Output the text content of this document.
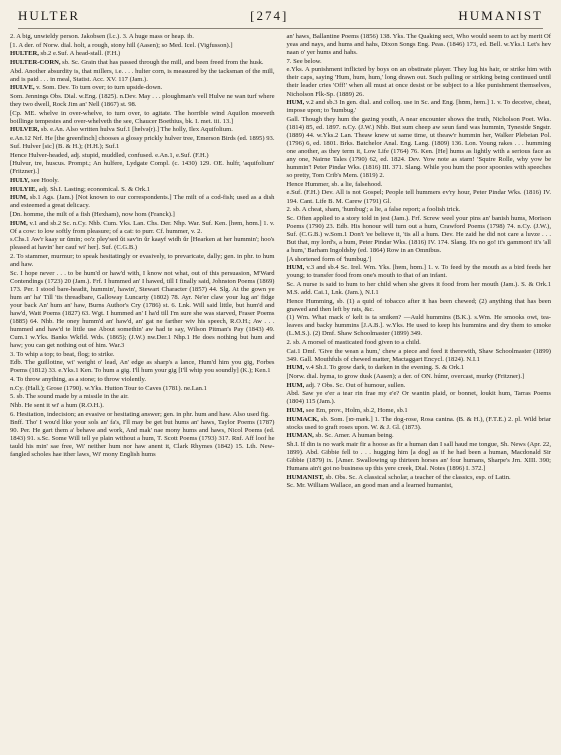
HULTER	[274]	HUMANIST

2. A big, unwieldy person. Jakobsen (l.c.). 3. A huge mass or heap. ib.

[1. A der. of Norw. dial. holt, a rough, stony hill (Aasen); so Med. Icel. (Vigfusson).]

HULTER, sb.2 e.Suf. A head-stall. (F.H.)

HULTER-CORN, sb. Sc. Grain that has passed through the mill, and been freed from the husk.

Abd. Another absurdity is, that millers, i.e. . . . hulter corn, is measured by the tacksman of the mill, and is paid . . . in meal, Statist. Acc. XV. 117 (Jam.).

HULVE, v. Som. Dev. To turn over; to turn upside-down.

Som. Jennings Obs. Dial. w.Eng. (1825). n.Dev. May . . . ploughman's vell Hulve ne wan turf where they two dwell, Rock Jim an' Nell (1867) st. 98.

[Cp. ME. whelve in over-whelve, to turn over, to agitate. The horrible wind Aquilon moeveth boillinge tempestes and over-whelveth the see, Chaucer Boethius, bk. I. met. iii. 13.]

HULVER, sb. e.An. Also written hulva Suf.1 [hɐlvə(r).] The holly, Ilex Aquifolium.

e.An.12 Nrf. He [the greenfinch] chooses a glossy prickly hulver tree, Emerson Birds (ed. 1895) 93. Suf. Hulver [sic] (B. & H.); (H.H.); Suf.1

Hence Hulver-headed, adj. stupid, muddled, confused. e.An.1, e.Suf. (F.H.)

[Hulvur, tre, huscus. Prompt.; An hulfere, Lydgate Compl. (c. 1430) 129. OE. hulfr, 'aquifolium' (Fritzner).]

HULY, see Hooly.

HULYIE, adj. Sh.I. Lasting; economical. S. & Ork.1

HUM, sb.1 Ags. (Jam.) [Not known to our correspondents.] The milt of a cod-fish; used as a dish and esteemed a great delicacy.

[Dn. homme, the milt of a fish (Hexham), now hom (Franck).]

HUM, v.1 and sb.2 Sc. n.Cy. Nhb. Cum. Yks. Lan. Chs. Der. Nhp. War. Suf. Ken. [hɐm, hʊm.] 1. v. Of a cow: to low softly from pleasure; of a cat: to purr. Cf. hummer, v. 2.

s.Chs.1 Aw'r kaay ur ŭmin; oo'z pley'sed ŭt sav'in ŭr kaayf widh ŭr [Hearken at her hummin'; hoo's pleased at havin' her cauf wi' her]. Suf. (C.G.B.)

2. To stammer, murmur; to speak hesitatingly or evasively, to prevaricate, dally; gen. in phr. to hum and haw.

Sc. I hope never . . . to be hum'd or haw'd with, I know not what, out of this persuasion, M'Ward Contendings (1723) 20 (Jam.). Frf. I hummed an' I hawed, till I finally said, Johnston Poems (1869) 173. Per. I stood bare-headit, hummin', hawin', Stewart Character (1857) 44. Slg. At the gown ye hum an' ha' Till 'tis threadbare, Galloway Luncarty (1802) 78. Ayr. Ne'er claw your lug an' fidge your back An' hum an' haw, Burns Author's Cry (1786) st. 6. Lnk. Will said little, but hum'd and haw'd, Watt Poems (1827) 63. Wgt. I hummed an' I ha'd till I'm sure she was starved, Fraser Poems (1885) 64. Nhb. He oney humm'd an' haw'd, an' gat ne farther wiv his speech, R.O.H.; Aw . . . hummed and haw'd te little use About somethin' aw had te say, Wilson Pitman's Pay (1843) 49. Cum.1 w.Yks. Banks Wkfld. Wds. (1865); (J.W.) nw.Der.1 Nhp.1 He does nothing but hum and haw; you can get nothing out of him. War.3

3. To whip a top; to beat, flog; to strike.

Edb. The guillotine, wi' weight o' lead, An' edge as sharp's a lance, Hum'd him you gig, Forbes Poems (1812) 33. e.Yks.1 Ken. To hum a gig. I'll hum your gig [I'll whip you soundly] (K.); Ken.1

4. To throw anything, as a stone; to throw violently.

n.Cy. (Hall.); Grose (1790). w.Yks. Hutton Tour to Caves (1781). ne.Lan.1

5. sb. The sound made by a missile in the air.

Nhb. He sent it wi' a hum (R.O.H.).

6. Hesitation, indecision; an evasive or hesitating answer; gen. in phr. hum and haw. Also used fig.

Bnff. Tho' I wou'd like your sols an' fa's, I'll may be get but hums an' haws, Taylor Poems (1787) 90. Per. He gart them a' behave and work, And mak' nae mony hums and haws, Nicol Poems (ed. 1843) 91. s.Sc. Some Will tell ye plain without a hum, T. Scott Poems (1793) 317. Rnf. Aff loof he tauld his min' sae free, Wi' neither hum nor haw anent it, Clark Rhymes (1842) 15. Lth. New-fangled scholes hae ither laws, Wi' mony English hums

an' haws, Ballantine Poems (1856) 138. Yks. The Quaking sect, Who would seem to act by merit Of yeas and nays, and hums and hahs, Dixon Songs Eng. Peas. (1846) 173, ed. Bell. w.Yks.1 Let's hev naan o' yer hums and hahs.

7. See below.

e.Yks. A punishment inflicted by boys on an obstinate player. They lug his hair, or strike him with their caps, saying 'Hum, hum, hum,' long drawn out. Such pulling or striking being continued until their leader cries 'Off!' when all must at once desist or be subject to a like punishment themselves, Nicholson Flk-Sp. (1889) 26.

HUM, v.2 and sb.3 In gen. dial. and colloq. use in Sc. and Eng. [hʊm, hɐm.] 1. v. To deceive, cheat, impose upon; to 'humbug.'

Gall. Though they hum the gazing youth, A near encounter shows the truth, Nicholson Poet. Wks. (1814) 85, ed. 1897. n.Cy. (J.W.) Nhb. But sum cheep aw seun fand was hummin, Tyneside Sngstr. (1889) 44. w.Yks.2 Lan. Theaw knew ut same time, ut theaw'r hummin her, Walker Plebeian Pol. (1796) 6, ed. 1801. Brks. Batchelor Anal. Eng. Lang. (1809) 136. Lon. Young rakes . . . humming one another, as they term it, Low Life (1764) 76. Ken. [He] hums as lightly with a serious face as any one, Nairne Tales (1790) 62, ed. 1824. Dev. Yow note as starn! 'Squire Rolle, why yow be hummin'! Peter Pindar Wks. (1816) III. 371. Slang. While you hum the poor spoonies with speeches so pretty, Tom Crib's Mem. (1819) 2.

Hence Hummer, sb. a lie, falsehood.

e.Suf. (F.H.) Dev. All is not Gospel; People tell hummers ev'ry hour, Peter Pindar Wks. (1816) IV. 194. Cant. Life B. M. Carew (1791) Gl.

2. sb. A cheat, sham, 'humbug'; a lie, a false report; a foolish trick.

Sc. Often applied to a story told in jest (Jam.). Frf. Screw weel your pins an' banish hums, Morison Poems (1790) 23. Edb. His honour will turn out a hum, Crawford Poems (1798) 74. n.Cy. (J.W.), Suf. (C.G.B.) w.Som.1 Don't 'ee believe it, 'tis all a hum. Dev. He zaid he did not care a luvze . . . But that, my lord's, a hum, Peter Pindar Wks. (1816) IV. 174. Slang. It's no go! it's gammon! it's 'all a hum,' Barham Ingoldsby (ed. 1864) Row in an Omnibus.

[A shortened form of 'humbug.']

HUM, v.3 and sb.4 Sc. Irel. Wm. Yks. [hɐm, hʊm.] 1. v. To feed by the mouth as a bird feeds her young; to transfer food from one's mouth to that of an infant.

Sc. A nurse is said to hum to her child when she gives it food from her mouth (Jam.). S. & Ork.1 M.S. add. Cai.1, Lnk. (Jam.), N.I.1

Hence Humming, sb. (1) a quid of tobacco after it has been chewed; (2) anything that has been gnawed and then left by rats, &c.

(1) Wm. What mack o' kelt is ta smiken? —Auld hummins (B.K.). s.Wm. He smooks owt, tea-leaves and backy hummins [J.A.B.]. w.Yks. He used to keep his hummins and dry them to smoke (L.M.S.). (2) Dmf. Shaw Schoolmaster (1899) 349.

2. sb. A morsel of masticated food given to a child.

Cai.1 Dmf. 'Give the wean a hum,' chew a piece and feed it therewith, Shaw Schoolmaster (1899) 349. Gall. Mouthfuls of chewed matter, Mactaggart Encycl. (1824). N.I.1

HUM, v.4 Sh.I. To grow dark, to darken in the evening. S. & Ork.1

[Norw. dial. hyma, to grow dusk (Aasen); a der. of ON. húmr, overcast, murky (Fritzner).]

HUM, adj. ? Obs. Sc. Out of humour, sullen.

Abd. Saw ye e'er a tear rin frae my e'e? Or wantin plaid, or bonnet, loukit hum, Tarras Poems (1804) 115 (Jam.).

HUM, see Em, prov., Holm, sb.2, Home, sb.1

HUMACK, sb. Som. [ɪʊ·mæk.] 1. The dog-rose, Rosa canina. (B. & H.), (F.T.E.) 2. pl. Wild briar stocks used to graft roses upon. W. & J. Gl. (1873).

HUMAN, sb. Sc. Amer. A human being.

Sh.I. If din is no wark mair fir a hoose as fir a human dan I sall haud me tongue, Sh. News (Apr. 22, 1899). Abd. Gibbie fell to . . . hugging him [a dog] as if he had been a human, Macdonald Sir Gibbie (1879) ix. [Amer. Swallowing up thirteen horses an' four humans, Sharpe's Jrn. XIII. 390; Humans ain't got no business up this yere creek, Dial. Notes (1896) I. 372.]

HUMANIST, sb. Obs. Sc. A classical scholar, a teacher of the classics, esp. of Latin.

Sc. Mr. William Wallace, an good man and a learned humanist,
